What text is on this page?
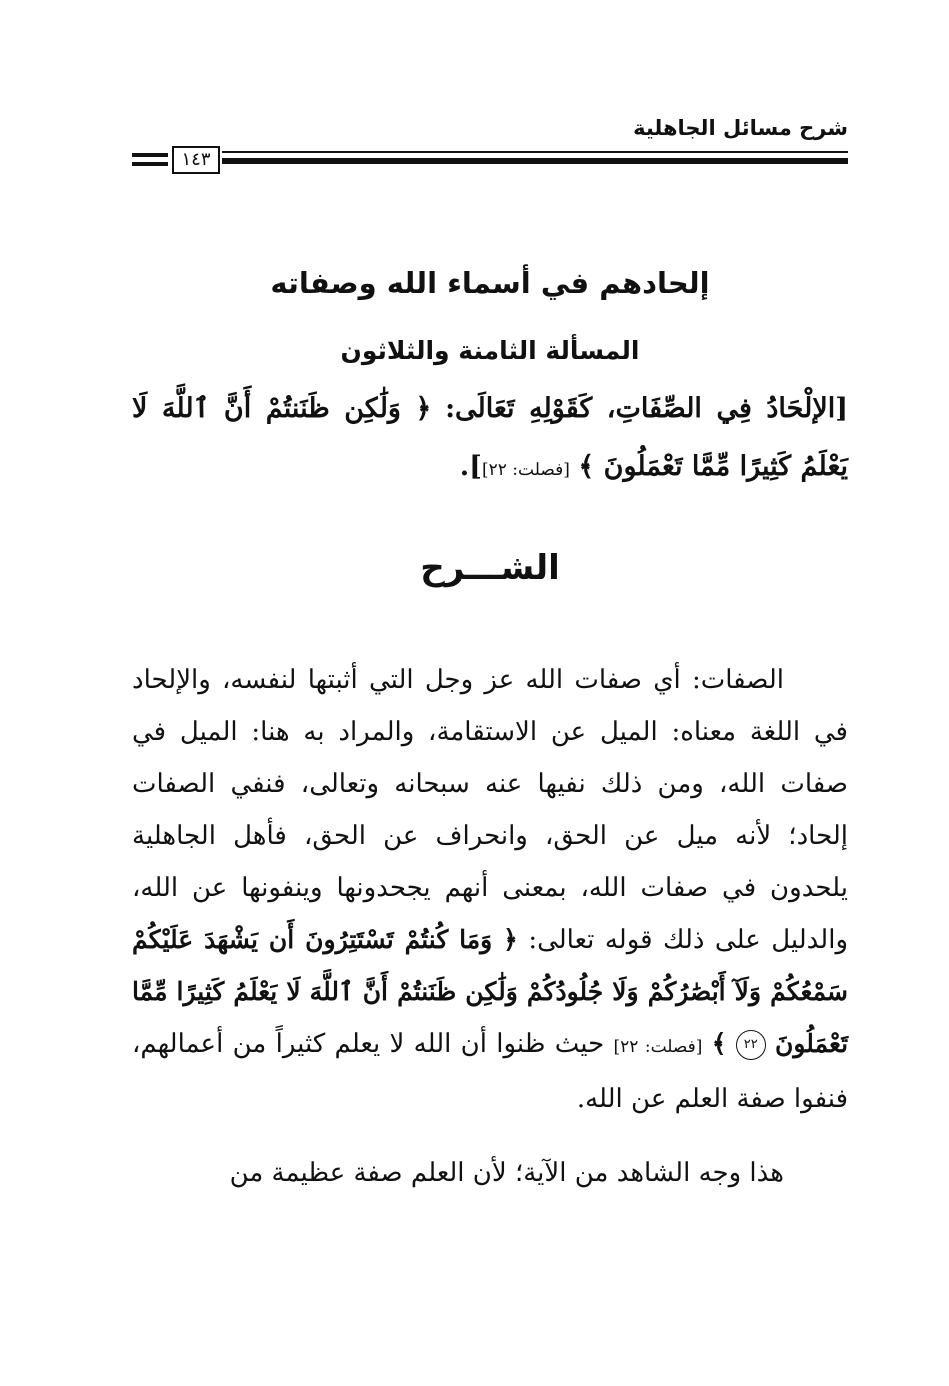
شرح مسائل الجاهلية
١٤٣
إلحادهم في أسماء الله وصفاته
المسألة الثامنة والثلاثون
[الإلْحَادُ فِي الصِّفَاتِ، كَقَوْلِهِ تَعَالَى: ﴿ وَلَٰكِن ظَنَنتُمْ أَنَّ ٱللَّهَ لَا يَعْلَمُ كَثِيرًا مِّمَّا تَعْمَلُونَ ﴾ [فصلت: ٢٢]].
الشـــرح

الصفات: أي صفات الله عز وجل التي أثبتها لنفسه، والإلحاد في اللغة معناه: الميل عن الاستقامة، والمراد به هنا: الميل في صفات الله، ومن ذلك نفيها عنه سبحانه وتعالى، فنفي الصفات إلحاد؛ لأنه ميل عن الحق، وانحراف عن الحق، فأهل الجاهلية يلحدون في صفات الله، بمعنى أنهم يجحدونها وينفونها عن الله، والدليل على ذلك قوله تعالى: ﴿ وَمَا كُنتُمْ تَسْتَتِرُونَ أَن يَشْهَدَ عَلَيْكُمْ سَمْعُكُمْ وَلَآ أَبْصَٰرُكُمْ وَلَا جُلُودُكُمْ وَلَٰكِن ظَنَنتُمْ أَنَّ ٱللَّهَ لَا يَعْلَمُ كَثِيرًا مِّمَّا تَعْمَلُونَ ٢٢ ﴾ [فصلت: ٢٢] حيث ظنوا أن الله لا يعلم كثيراً من أعمالهم، فنفوا صفة العلم عن الله.

هذا وجه الشاهد من الآية؛ لأن العلم صفة عظيمة من
